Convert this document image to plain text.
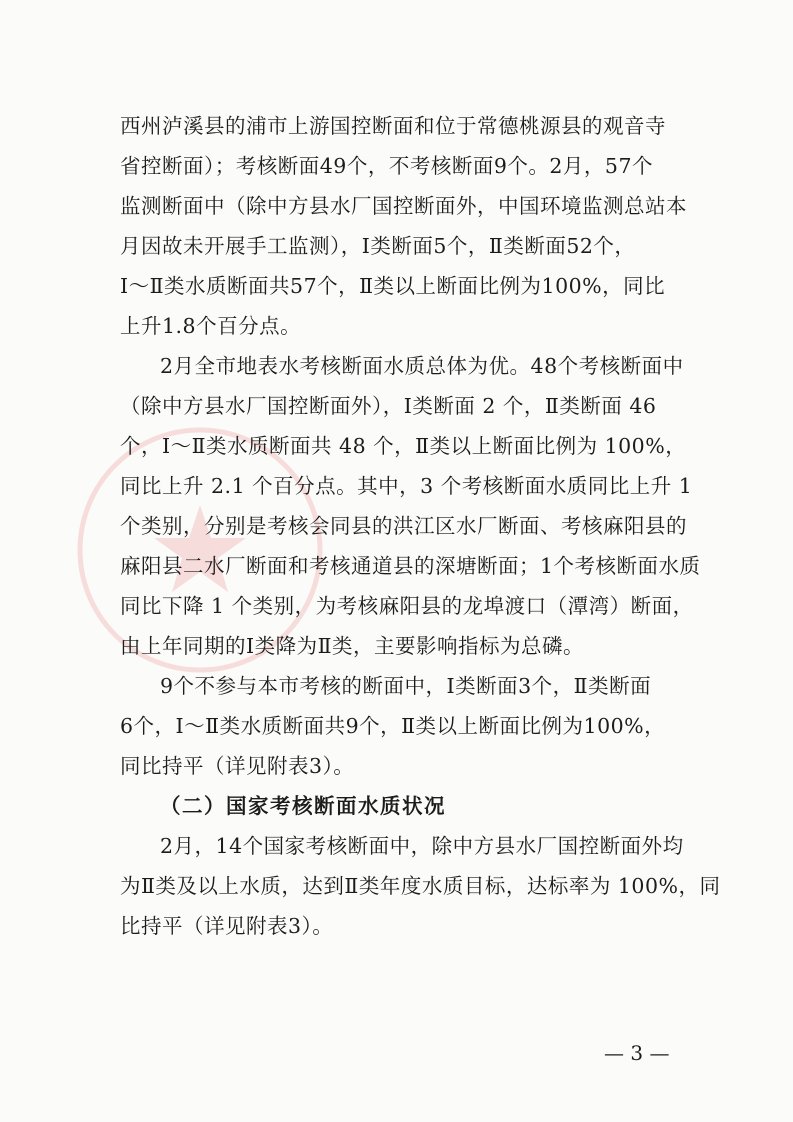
西州泸溪县的浦市上游国控断面和位于常德桃源县的观音寺
省控断面）；考核断面49个，不考核断面9个。2月，57个
监测断面中（除中方县水厂国控断面外，中国环境监测总站本
月因故未开展手工监测），Ⅰ类断面5个，Ⅱ类断面52个，
Ⅰ～Ⅱ类水质断面共57个，Ⅱ类以上断面比例为100%，同比
上升1.8个百分点。
2月全市地表水考核断面水质总体为优。48个考核断面中
（除中方县水厂国控断面外），Ⅰ类断面 2 个，Ⅱ类断面 46
个，Ⅰ～Ⅱ类水质断面共 48 个，Ⅱ类以上断面比例为 100%，
同比上升 2.1 个百分点。其中，3 个考核断面水质同比上升 1
个类别，分别是考核会同县的洪江区水厂断面、考核麻阳县的
麻阳县二水厂断面和考核通道县的深塘断面；1个考核断面水质
同比下降 1 个类别，为考核麻阳县的龙埠渡口（潭湾）断面，
由上年同期的Ⅰ类降为Ⅱ类，主要影响指标为总磷。
9个不参与本市考核的断面中，Ⅰ类断面3个，Ⅱ类断面
6个，Ⅰ～Ⅱ类水质断面共9个，Ⅱ类以上断面比例为100%，
同比持平（详见附表3）。
（二）国家考核断面水质状况
2月，14个国家考核断面中，除中方县水厂国控断面外均
为Ⅱ类及以上水质，达到Ⅱ类年度水质目标，达标率为 100%，同
比持平（详见附表3）。
— 3 —
